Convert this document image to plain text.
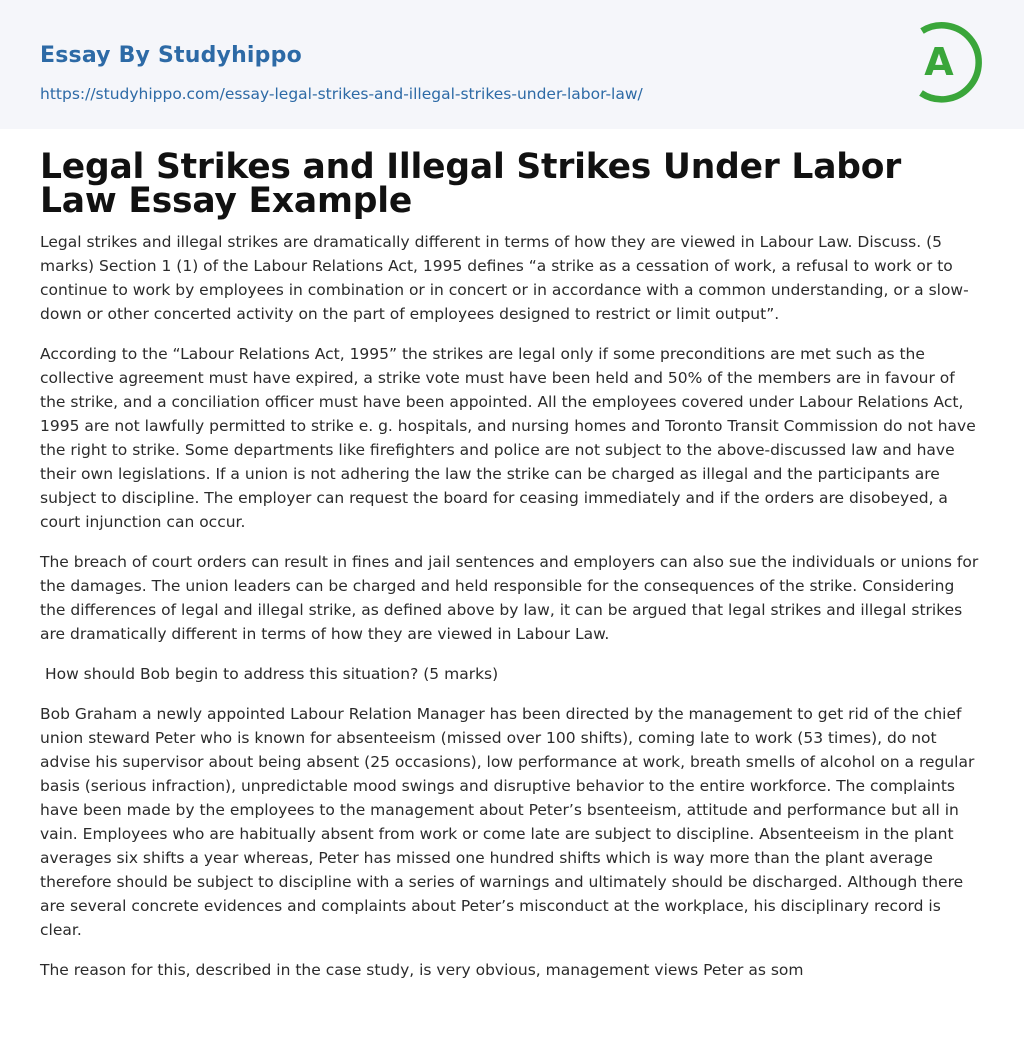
Essay By Studyhippo
https://studyhippo.com/essay-legal-strikes-and-illegal-strikes-under-labor-law/
A
Legal Strikes and Illegal Strikes Under Labor Law Essay Example

Legal strikes and illegal strikes are dramatically different in terms of how they are viewed in Labour Law. Discuss. (5 marks) Section 1 (1) of the Labour Relations Act, 1995 defines “a strike as a cessation of work, a refusal to work or to continue to work by employees in combination or in concert or in accordance with a common understanding, or a slow-down or other concerted activity on the part of employees designed to restrict or limit output”.

According to the “Labour Relations Act, 1995” the strikes are legal only if some preconditions are met such as the collective agreement must have expired, a strike vote must have been held and 50% of the members are in favour of the strike, and a conciliation officer must have been appointed. All the employees covered under Labour Relations Act, 1995 are not lawfully permitted to strike e. g. hospitals, and nursing homes and Toronto Transit Commission do not have the right to strike. Some departments like firefighters and police are not subject to the above-discussed law and have their own legislations. If a union is not adhering the law the strike can be charged as illegal and the participants are subject to discipline. The employer can request the board for ceasing immediately and if the orders are disobeyed, a court injunction can occur.

The breach of court orders can result in fines and jail sentences and employers can also sue the individuals or unions for the damages. The union leaders can be charged and held responsible for the consequences of the strike. Considering the differences of legal and illegal strike, as defined above by law, it can be argued that legal strikes and illegal strikes are dramatically different in terms of how they are viewed in Labour Law.

How should Bob begin to address this situation? (5 marks)

Bob Graham a newly appointed Labour Relation Manager has been directed by the management to get rid of the chief union steward Peter who is known for absenteeism (missed over 100 shifts), coming late to work (53 times), do not advise his supervisor about being absent (25 occasions), low performance at work, breath smells of alcohol on a regular basis (serious infraction), unpredictable mood swings and disruptive behavior to the entire workforce. The complaints have been made by the employees to the management about Peter’s bsenteeism, attitude and performance but all in vain. Employees who are habitually absent from work or come late are subject to discipline. Absenteeism in the plant averages six shifts a year whereas, Peter has missed one hundred shifts which is way more than the plant average therefore should be subject to discipline with a series of warnings and ultimately should be discharged. Although there are several concrete evidences and complaints about Peter’s misconduct at the workplace, his disciplinary record is clear.

The reason for this, described in the case study, is very obvious, management views Peter as som
